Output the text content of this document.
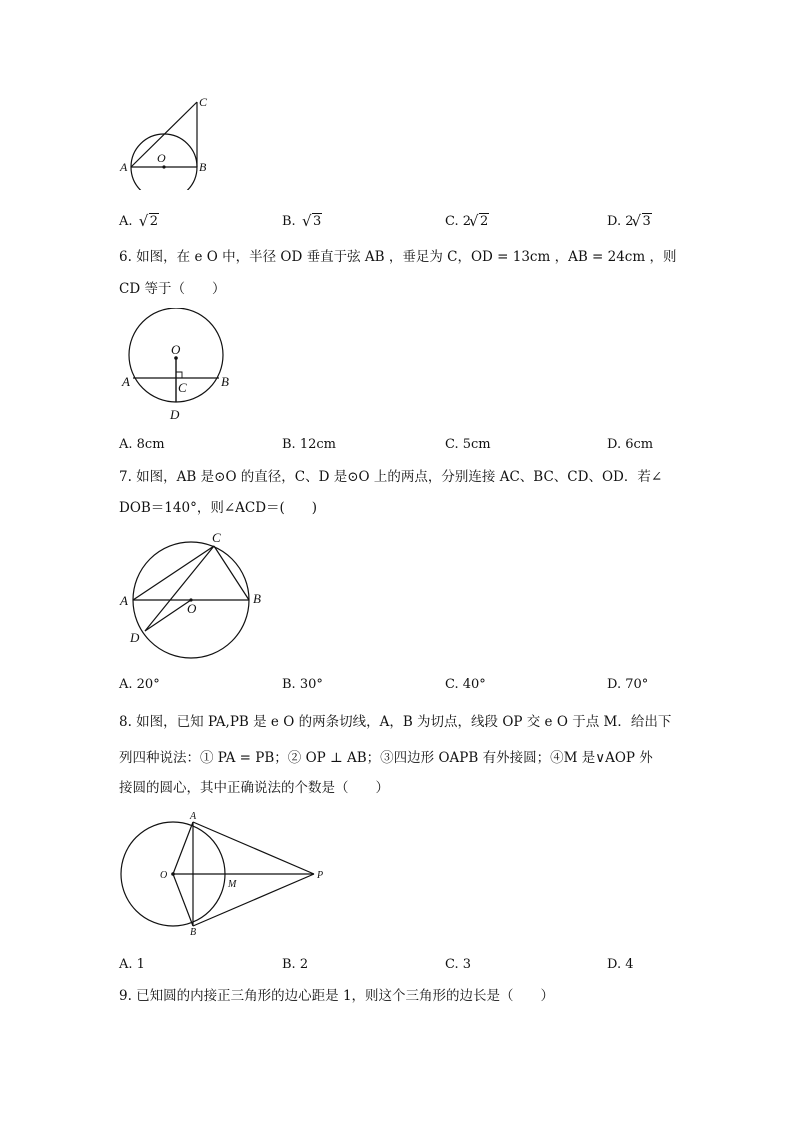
A
O
B
C
A. √ 2	B. √ 3	C. 2 √ 2	D. 2 √ 3
6. 如图，在 e O 中，半径 OD 垂直于弦 AB ，垂足为 C，OD = 13cm ，AB = 24cm ，则
CD 等于（　　）
O
A	B
C
D
A. 8cm	B. 12cm	C. 5cm	D. 6cm
7. 如图，AB 是⊙O 的直径，C、D 是⊙O 上的两点，分别连接 AC、BC、CD、OD．若∠
DOB＝140°，则∠ACD＝(　　)
C
A
O
B
D
A. 20°	B. 30°	C. 40°	D. 70°
8. 如图，已知 PA,PB 是 e O 的两条切线，A，B 为切点，线段 OP 交 e O 于点 M．给出下
列四种说法：① PA = PB；② OP ⊥ AB；③四边形 OAPB 有外接圆；④M 是∨AOP 外
接圆的圆心，其中正确说法的个数是（　　）
A
O
M
P
B
A. 1	B. 2	C. 3	D. 4
9. 已知圆的内接正三角形的边心距是 1，则这个三角形的边长是（　　）
